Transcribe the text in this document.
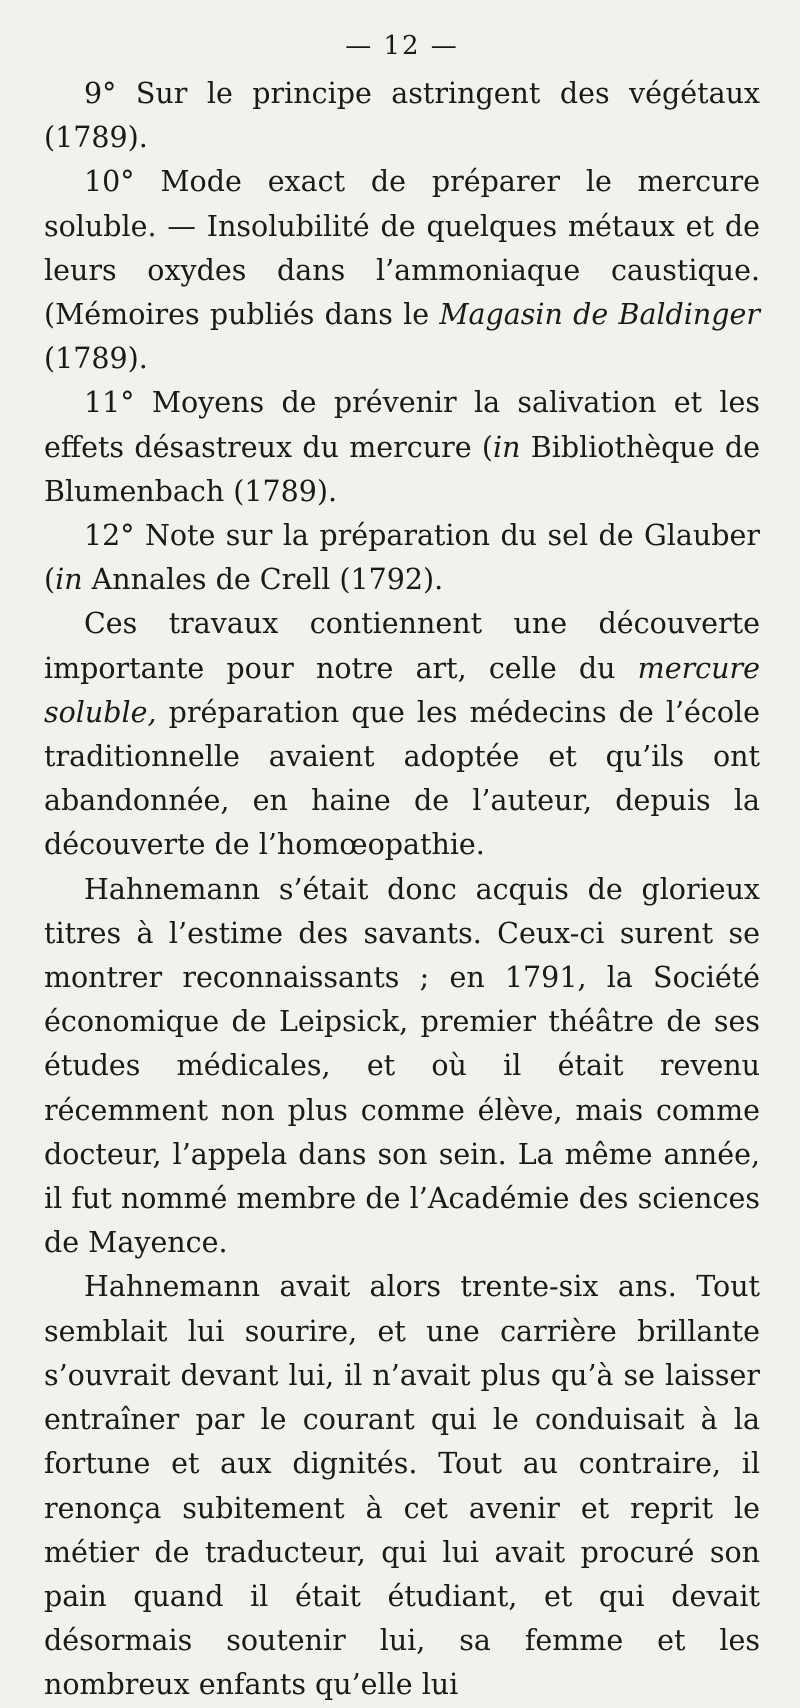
— 12 —

9° Sur le principe astringent des végétaux (1789).

10° Mode exact de préparer le mercure soluble. — Insolubilité de quelques métaux et de leurs oxydes dans l’ammoniaque caustique. (Mémoires publiés dans le Magasin de Baldinger (1789).

11° Moyens de prévenir la salivation et les effets désastreux du mercure (in Bibliothèque de Blumenbach (1789).

12° Note sur la préparation du sel de Glauber (in Annales de Crell (1792).

Ces travaux contiennent une découverte importante pour notre art, celle du mercure soluble, préparation que les médecins de l’école traditionnelle avaient adoptée et qu’ils ont abandonnée, en haine de l’auteur, depuis la découverte de l’homœopathie.

Hahnemann s’était donc acquis de glorieux titres à l’estime des savants. Ceux-ci surent se montrer reconnaissants ; en 1791, la Société économique de Leipsick, premier théâtre de ses études médicales, et où il était revenu récemment non plus comme élève, mais comme docteur, l’appela dans son sein. La même année, il fut nommé membre de l’Académie des sciences de Mayence.

Hahnemann avait alors trente-six ans. Tout semblait lui sourire, et une carrière brillante s’ouvrait devant lui, il n’avait plus qu’à se laisser entraîner par le courant qui le conduisait à la fortune et aux dignités. Tout au contraire, il renonça subitement à cet avenir et reprit le métier de traducteur, qui lui avait procuré son pain quand il était étudiant, et qui devait désormais soutenir lui, sa femme et les nombreux enfants qu’elle lui
